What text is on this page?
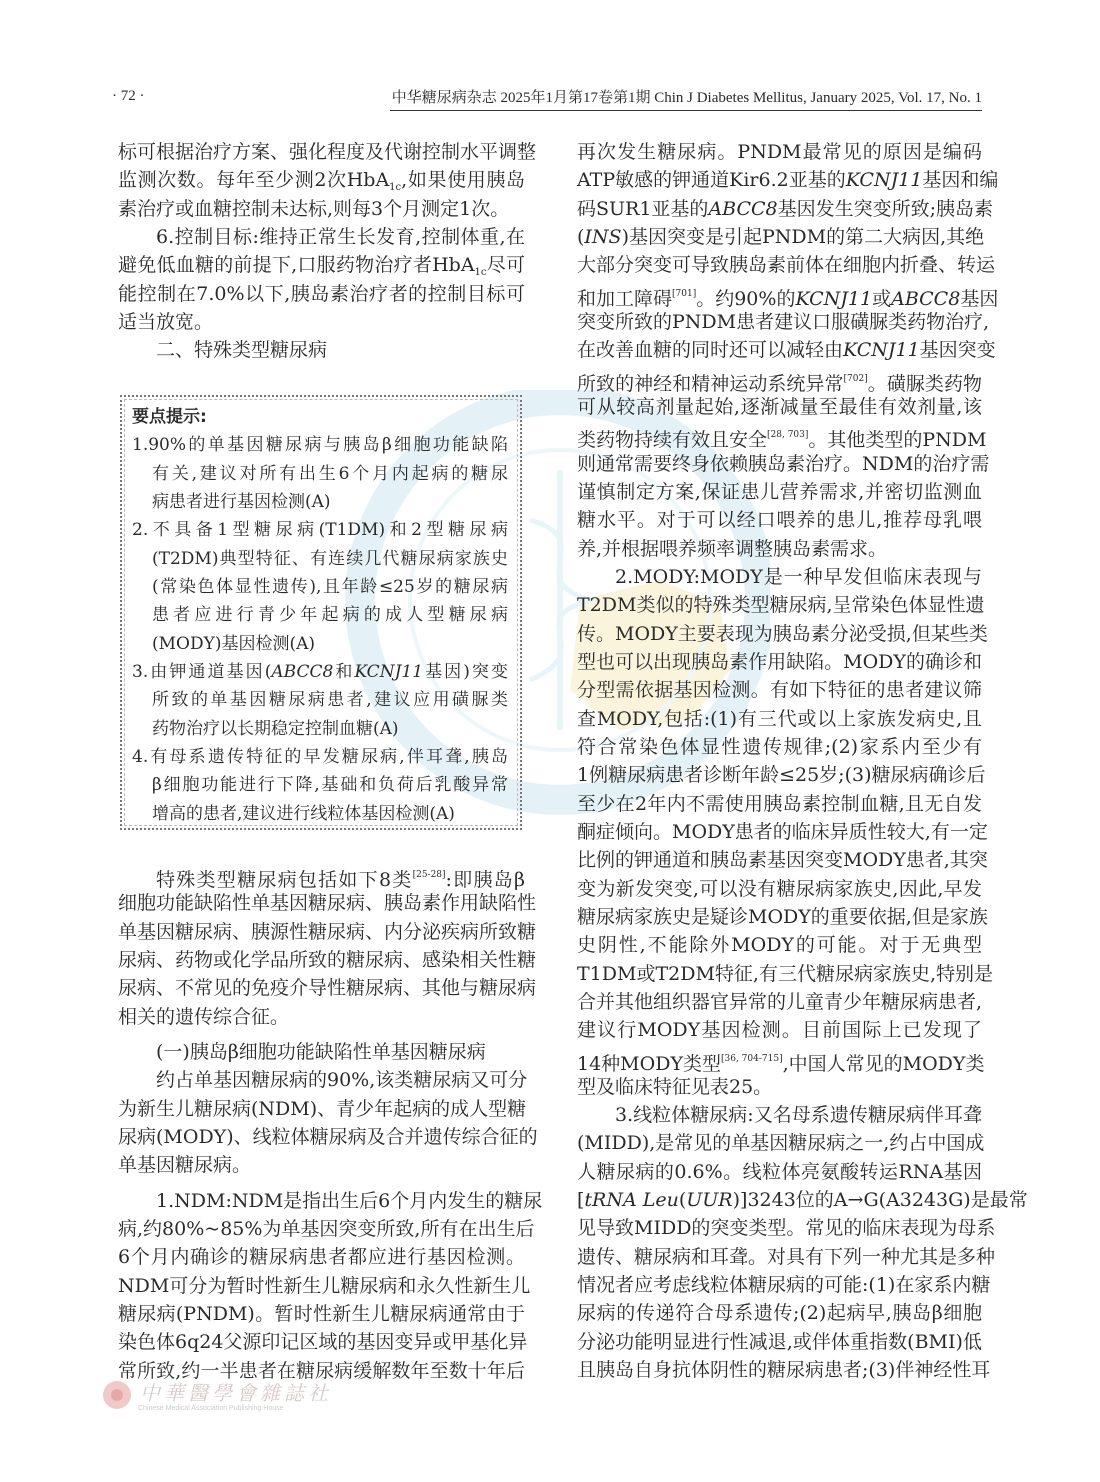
· 72 ·	中华糖尿病杂志 2025年1月第17卷第1期 Chin J Diabetes Mellitus, January 2025, Vol. 17, No. 1
标可根据治疗方案、强化程度及代谢控制水平调整
监测次数。每年至少测2次HbA$_{1c}$,如果使用胰岛
素治疗或血糖控制未达标,则每3个月测定1次。
6.控制目标:维持正常生长发育,控制体重,在
避免低血糖的前提下,口服药物治疗者HbA$_{1c}$尽可
能控制在7.0%以下,胰岛素治疗者的控制目标可
适当放宽。
二、特殊类型糖尿病
要点提示:
1.90%的单基因糖尿病与胰岛β细胞功能缺陷
有关,建议对所有出生6个月内起病的糖尿
病患者进行基因检测(A)
2.不具备1型糖尿病(T1DM)和2型糖尿病
(T2DM)典型特征、有连续几代糖尿病家族史
(常染色体显性遗传),且年龄≤25岁的糖尿病
患者应进行青少年起病的成人型糖尿病
(MODY)基因检测(A)
3.由钾通道基因(ABCC8和KCNJ11基因)突变
所致的单基因糖尿病患者,建议应用磺脲类
药物治疗以长期稳定控制血糖(A)
4.有母系遗传特征的早发糖尿病,伴耳聋,胰岛
β细胞功能进行下降,基础和负荷后乳酸异常
增高的患者,建议进行线粒体基因检测(A)
特殊类型糖尿病包括如下8类[25-28]:即胰岛β
细胞功能缺陷性单基因糖尿病、胰岛素作用缺陷性
单基因糖尿病、胰源性糖尿病、内分泌疾病所致糖
尿病、药物或化学品所致的糖尿病、感染相关性糖
尿病、不常见的免疫介导性糖尿病、其他与糖尿病
相关的遗传综合征。
(一)胰岛β细胞功能缺陷性单基因糖尿病
约占单基因糖尿病的90%,该类糖尿病又可分
为新生儿糖尿病(NDM)、青少年起病的成人型糖
尿病(MODY)、线粒体糖尿病及合并遗传综合征的
单基因糖尿病。
1.NDM:NDM是指出生后6个月内发生的糖尿
病,约80%~85%为单基因突变所致,所有在出生后
6个月内确诊的糖尿病患者都应进行基因检测。
NDM可分为暂时性新生儿糖尿病和永久性新生儿
糖尿病(PNDM)。暂时性新生儿糖尿病通常由于
染色体6q24父源印记区域的基因变异或甲基化异
常所致,约一半患者在糖尿病缓解数年至数十年后
再次发生糖尿病。PNDM最常见的原因是编码
ATP敏感的钾通道Kir6.2亚基的KCNJ11基因和编
码SUR1亚基的ABCC8基因发生突变所致;胰岛素
(INS)基因突变是引起PNDM的第二大病因,其绝
大部分突变可导致胰岛素前体在细胞内折叠、转运
和加工障碍[701]。约90%的KCNJ11或ABCC8基因
突变所致的PNDM患者建议口服磺脲类药物治疗,
在改善血糖的同时还可以减轻由KCNJ11基因突变
所致的神经和精神运动系统异常[702]。磺脲类药物
可从较高剂量起始,逐渐减量至最佳有效剂量,该
类药物持续有效且安全[28, 703]。其他类型的PNDM
则通常需要终身依赖胰岛素治疗。NDM的治疗需
谨慎制定方案,保证患儿营养需求,并密切监测血
糖水平。对于可以经口喂养的患儿,推荐母乳喂
养,并根据喂养频率调整胰岛素需求。
2.MODY:MODY是一种早发但临床表现与
T2DM类似的特殊类型糖尿病,呈常染色体显性遗
传。MODY主要表现为胰岛素分泌受损,但某些类
型也可以出现胰岛素作用缺陷。MODY的确诊和
分型需依据基因检测。有如下特征的患者建议筛
查MODY,包括:(1)有三代或以上家族发病史,且
符合常染色体显性遗传规律;(2)家系内至少有
1例糖尿病患者诊断年龄≤25岁;(3)糖尿病确诊后
至少在2年内不需使用胰岛素控制血糖,且无自发
酮症倾向。MODY患者的临床异质性较大,有一定
比例的钾通道和胰岛素基因突变MODY患者,其突
变为新发突变,可以没有糖尿病家族史,因此,早发
糖尿病家族史是疑诊MODY的重要依据,但是家族
史阴性,不能除外MODY的可能。对于无典型
T1DM或T2DM特征,有三代糖尿病家族史,特别是
合并其他组织器官异常的儿童青少年糖尿病患者,
建议行MODY基因检测。目前国际上已发现了
14种MODY类型[36, 704-715],中国人常见的MODY类
型及临床特征见表25。
3.线粒体糖尿病:又名母系遗传糖尿病伴耳聋
(MIDD),是常见的单基因糖尿病之一,约占中国成
人糖尿病的0.6%。线粒体亮氨酸转运RNA基因
[tRNA Leu(UUR)]3243位的A→G(A3243G)是最常
见导致MIDD的突变类型。常见的临床表现为母系
遗传、糖尿病和耳聋。对具有下列一种尤其是多种
情况者应考虑线粒体糖尿病的可能:(1)在家系内糖
尿病的传递符合母系遗传;(2)起病早,胰岛β细胞
分泌功能明显进行性减退,或伴体重指数(BMI)低
且胰岛自身抗体阴性的糖尿病患者;(3)伴神经性耳
中華醫學會雜誌社
Chinese Medical Association Publishing House
